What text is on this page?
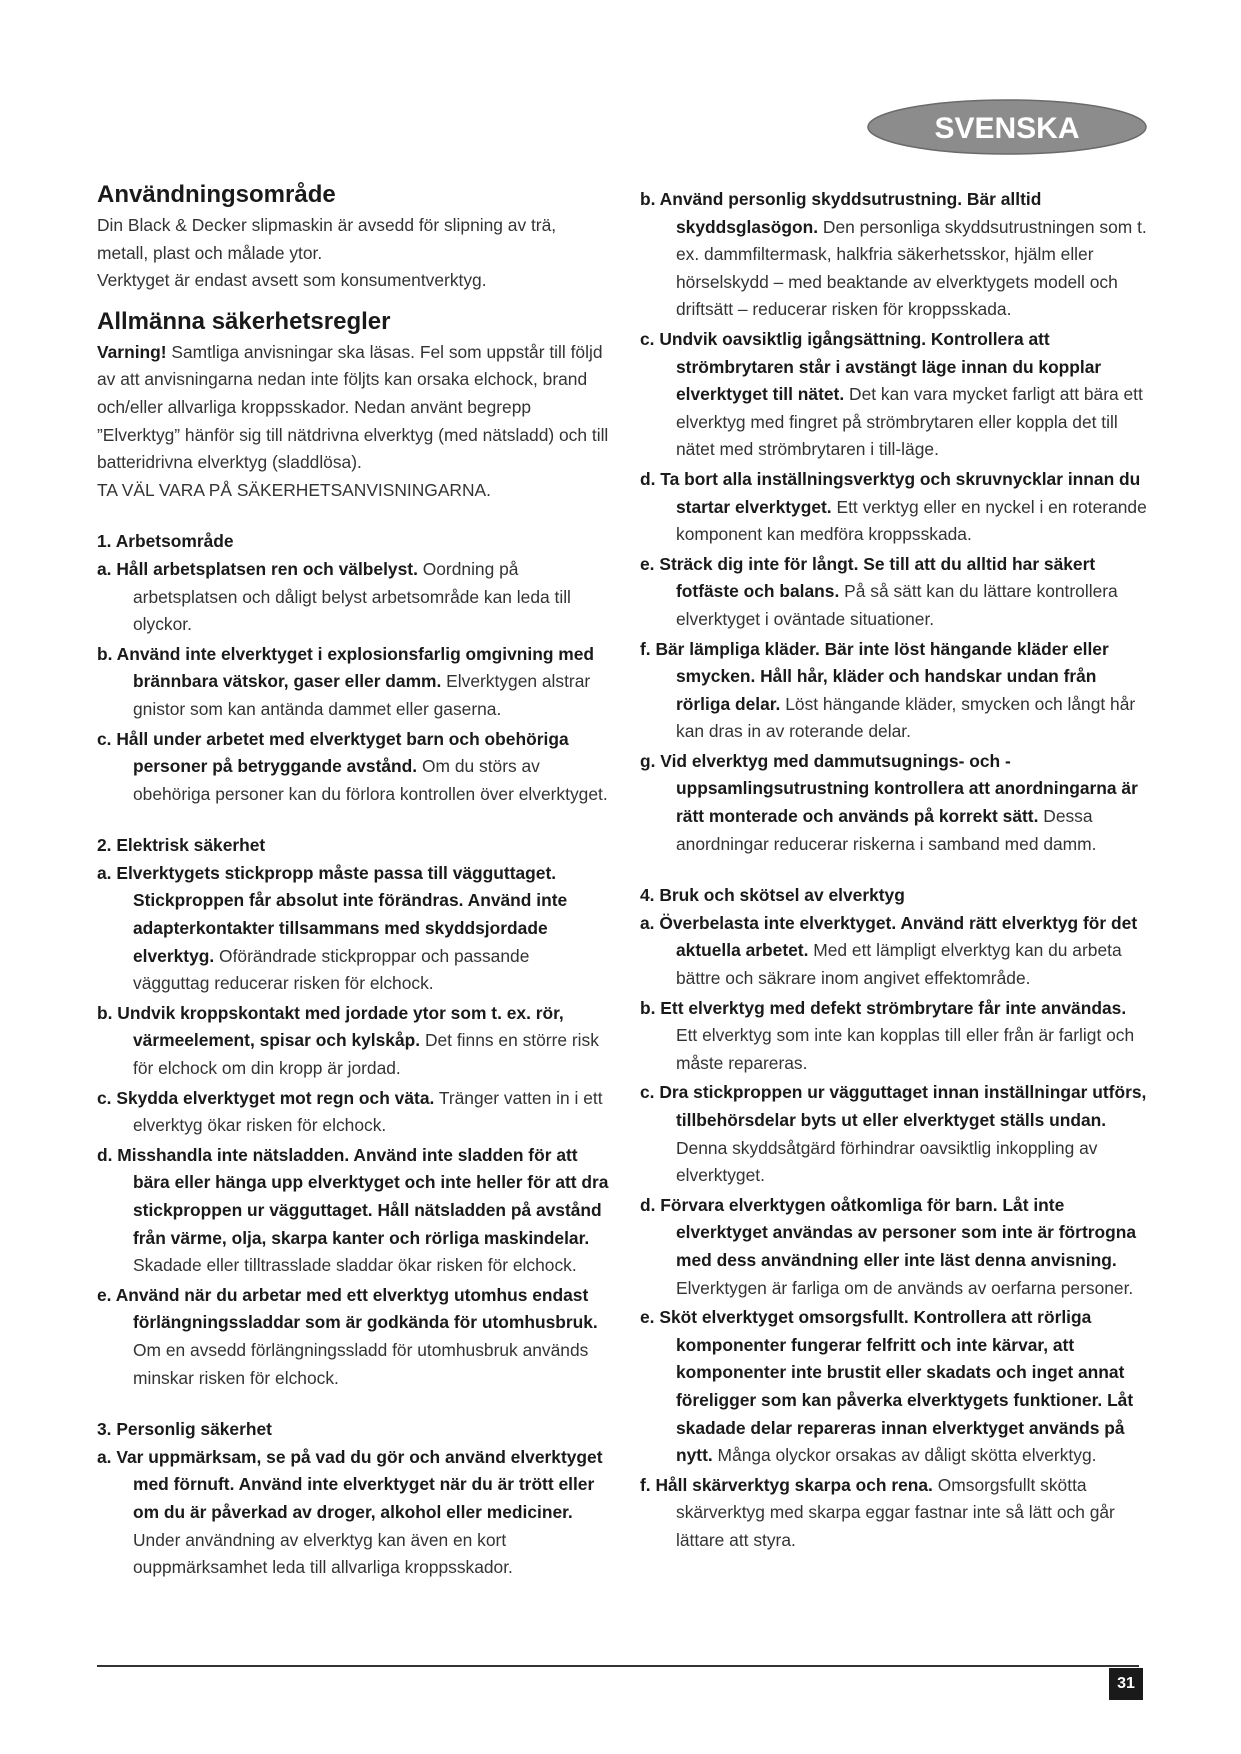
SVENSKA
Användningsområde

Din Black & Decker slipmaskin är avsedd för slipning av trä, metall, plast och målade ytor.

Verktyget är endast avsett som konsumentverktyg.

Allmänna säkerhetsregler

Varning! Samtliga anvisningar ska läsas. Fel som uppstår till följd av att anvisningarna nedan inte följts kan orsaka elchock, brand och/eller allvarliga kroppsskador. Nedan använt begrepp ”Elverktyg” hänför sig till nätdrivna elverktyg (med nätsladd) och till batteridrivna elverktyg (sladdlösa).

TA VÄL VARA PÅ SÄKERHETSANVISNINGARNA.

1. Arbetsområde

a. Håll arbetsplatsen ren och välbelyst. Oordning på arbetsplatsen och dåligt belyst arbetsområde kan leda till olyckor.

b. Använd inte elverktyget i explosionsfarlig omgivning med brännbara vätskor, gaser eller damm. Elverktygen alstrar gnistor som kan antända dammet eller gaserna.

c. Håll under arbetet med elverktyget barn och obehöriga personer på betryggande avstånd. Om du störs av obehöriga personer kan du förlora kontrollen över elverktyget.

2. Elektrisk säkerhet

a. Elverktygets stickpropp måste passa till vägguttaget. Stickproppen får absolut inte förändras. Använd inte adapterkontakter tillsammans med skyddsjordade elverktyg. Oförändrade stickproppar och passande vägguttag reducerar risken för elchock.

b. Undvik kroppskontakt med jordade ytor som t. ex. rör, värmeelement, spisar och kylskåp. Det finns en större risk för elchock om din kropp är jordad.

c. Skydda elverktyget mot regn och väta. Tränger vatten in i ett elverktyg ökar risken för elchock.

d. Misshandla inte nätsladden. Använd inte sladden för att bära eller hänga upp elverktyget och inte heller för att dra stickproppen ur vägguttaget. Håll nätsladden på avstånd från värme, olja, skarpa kanter och rörliga maskindelar. Skadade eller tilltrasslade sladdar ökar risken för elchock.

e. Använd när du arbetar med ett elverktyg utomhus endast förlängningssladdar som är godkända för utomhusbruk. Om en avsedd förlängningssladd för utomhusbruk används minskar risken för elchock.

3. Personlig säkerhet

a. Var uppmärksam, se på vad du gör och använd elverktyget med förnuft. Använd inte elverktyget när du är trött eller om du är påverkad av droger, alkohol eller mediciner. Under användning av elverktyg kan även en kort ouppmärksamhet leda till allvarliga kroppsskador.

b. Använd personlig skyddsutrustning. Bär alltid skyddsglasögon. Den personliga skyddsutrustningen som t. ex. dammfiltermask, halkfria säkerhetsskor, hjälm eller hörselskydd – med beaktande av elverktygets modell och driftsätt – reducerar risken för kroppsskada.

c. Undvik oavsiktlig igångsättning. Kontrollera att strömbrytaren står i avstängt läge innan du kopplar elverktyget till nätet. Det kan vara mycket farligt att bära ett elverktyg med fingret på strömbrytaren eller koppla det till nätet med strömbrytaren i till-läge.

d. Ta bort alla inställningsverktyg och skruvnycklar innan du startar elverktyget. Ett verktyg eller en nyckel i en roterande komponent kan medföra kroppsskada.

e. Sträck dig inte för långt. Se till att du alltid har säkert fotfäste och balans. På så sätt kan du lättare kontrollera elverktyget i oväntade situationer.

f. Bär lämpliga kläder. Bär inte löst hängande kläder eller smycken. Håll hår, kläder och handskar undan från rörliga delar. Löst hängande kläder, smycken och långt hår kan dras in av roterande delar.

g. Vid elverktyg med dammutsugnings- och -uppsamlingsutrustning kontrollera att anordningarna är rätt monterade och används på korrekt sätt. Dessa anordningar reducerar riskerna i samband med damm.

4. Bruk och skötsel av elverktyg

a. Överbelasta inte elverktyget. Använd rätt elverktyg för det aktuella arbetet. Med ett lämpligt elverktyg kan du arbeta bättre och säkrare inom angivet effektområde.

b. Ett elverktyg med defekt strömbrytare får inte användas. Ett elverktyg som inte kan kopplas till eller från är farligt och måste repareras.

c. Dra stickproppen ur vägguttaget innan inställningar utförs, tillbehörsdelar byts ut eller elverktyget ställs undan. Denna skyddsåtgärd förhindrar oavsiktlig inkoppling av elverktyget.

d. Förvara elverktygen oåtkomliga för barn. Låt inte elverktyget användas av personer som inte är förtrogna med dess användning eller inte läst denna anvisning. Elverktygen är farliga om de används av oerfarna personer.

e. Sköt elverktyget omsorgsfullt. Kontrollera att rörliga komponenter fungerar felfritt och inte kärvar, att komponenter inte brustit eller skadats och inget annat föreligger som kan påverka elverktygets funktioner. Låt skadade delar repareras innan elverktyget används på nytt. Många olyckor orsakas av dåligt skötta elverktyg.

f. Håll skärverktyg skarpa och rena. Omsorgsfullt skötta skärverktyg med skarpa eggar fastnar inte så lätt och går lättare att styra.

31
